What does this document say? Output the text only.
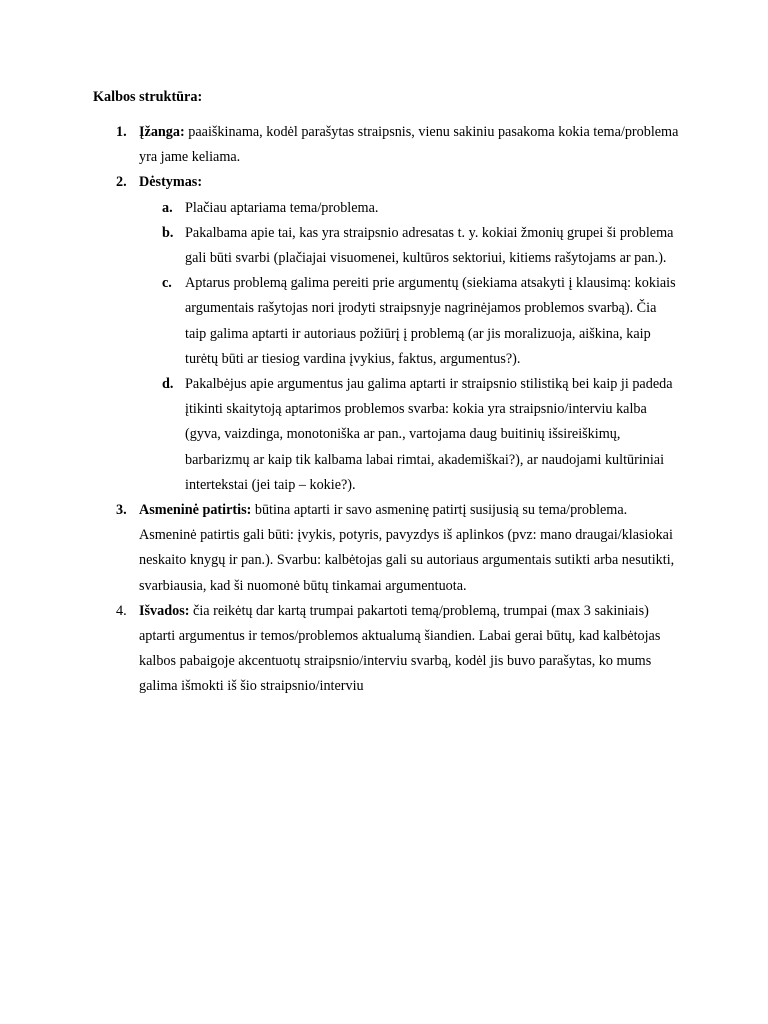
Kalbos struktūra:
1. Įžanga: paaiškinama, kodėl parašytas straipsnis, vienu sakiniu pasakoma kokia tema/problema yra jame keliama.
2. Dėstymas:
a. Plačiau aptariama tema/problema.
b. Pakalbama apie tai, kas yra straipsnio adresatas t. y. kokiai žmonių grupei ši problema gali būti svarbi (plačiajai visuomenei, kultūros sektoriui, kitiems rašytojams ar pan.).
c. Aptarus problemą galima pereiti prie argumentų (siekiama atsakyti į klausimą: kokiais argumentais rašytojas nori įrodyti straipsnyje nagrinėjamos problemos svarbą). Čia taip galima aptarti ir autoriaus požiūrį į problemą (ar jis moralizuoja, aiškina, kaip turėtų būti ar tiesiog vardina įvykius, faktus, argumentus?).
d. Pakalbėjus apie argumentus jau galima aptarti ir straipsnio stilistiką bei kaip ji padeda įtikinti skaitytoją aptarimos problemos svarba: kokia yra straipsnio/interviu kalba (gyva, vaizdinga, monotoniška ar pan., vartojama daug buitinių išsireiškimų, barbarizmų ar kaip tik kalbama labai rimtai, akademiškai?), ar naudojami kultūriniai intertekstai (jei taip – kokie?).
3. Asmeninė patirtis: būtina aptarti ir savo asmeninę patirtį susijusią su tema/problema. Asmeninė patirtis gali būti: įvykis, potyris, pavyzdys iš aplinkos (pvz: mano draugai/klasiokai neskaito knygų ir pan.). Svarbu: kalbėtojas gali su autoriaus argumentais sutikti arba nesutikti, svarbiausia, kad ši nuomonė būtų tinkamai argumentuota.
4. Išvados: čia reikėtų dar kartą trumpai pakartoti temą/problemą, trumpai (max 3 sakiniais) aptarti argumentus ir temos/problemos aktualumą šiandien. Labai gerai būtų, kad kalbėtojas kalbos pabaigoje akcentuotų straipsnio/interviu svarbą, kodėl jis buvo parašytas, ko mums galima išmokti iš šio straipsnio/interviu
